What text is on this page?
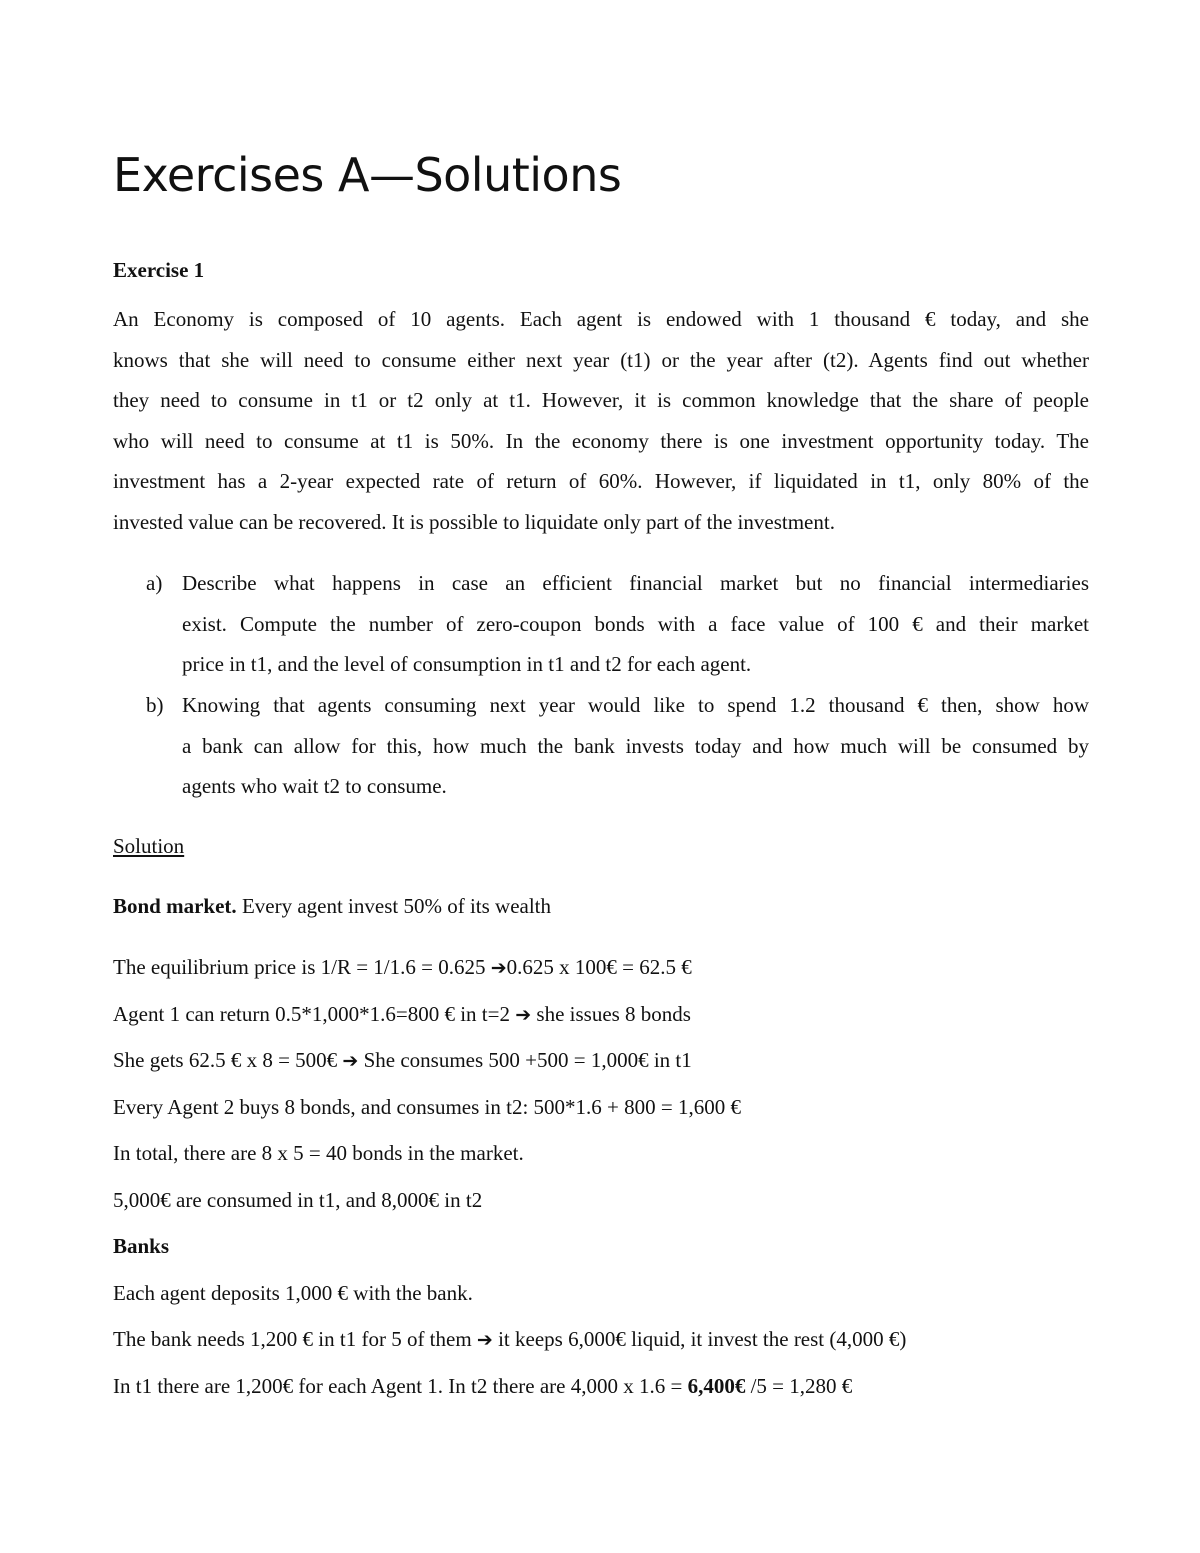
Exercises A—Solutions
Exercise 1
An Economy is composed of 10 agents. Each agent is endowed with 1 thousand € today, and she
knows that she will need to consume either next year (t1) or the year after (t2). Agents find out whether
they need to consume in t1 or t2 only at t1. However, it is common knowledge that the share of people
who will need to consume at t1 is 50%. In the economy there is one investment opportunity today. The
investment has a 2-year expected rate of return of 60%. However, if liquidated in t1, only 80% of the
invested value can be recovered. It is possible to liquidate only part of the investment.
a) Describe what happens in case an efficient financial market but no financial intermediaries
exist. Compute the number of zero-coupon bonds with a face value of 100 € and their market
price in t1, and the level of consumption in t1 and t2 for each agent.
b) Knowing that agents consuming next year would like to spend 1.2 thousand € then, show how
a bank can allow for this, how much the bank invests today and how much will be consumed by
agents who wait t2 to consume.
Solution
Bond market. Every agent invest 50% of its wealth
The equilibrium price is 1/R = 1/1.6 = 0.625 ➔0.625 x 100€ = 62.5 €
Agent 1 can return 0.5*1,000*1.6=800 € in t=2 ➔ she issues 8 bonds
She gets 62.5 € x 8 = 500€ ➔ She consumes 500 +500 = 1,000€ in t1
Every Agent 2 buys 8 bonds, and consumes in t2: 500*1.6 + 800 = 1,600 €
In total, there are 8 x 5 = 40 bonds in the market.
5,000€ are consumed in t1, and 8,000€ in t2
Banks
Each agent deposits 1,000 € with the bank.
The bank needs 1,200 € in t1 for 5 of them ➔ it keeps 6,000€ liquid, it invest the rest (4,000 €)
In t1 there are 1,200€ for each Agent 1. In t2 there are 4,000 x 1.6 = 6,400€ /5 = 1,280 €
